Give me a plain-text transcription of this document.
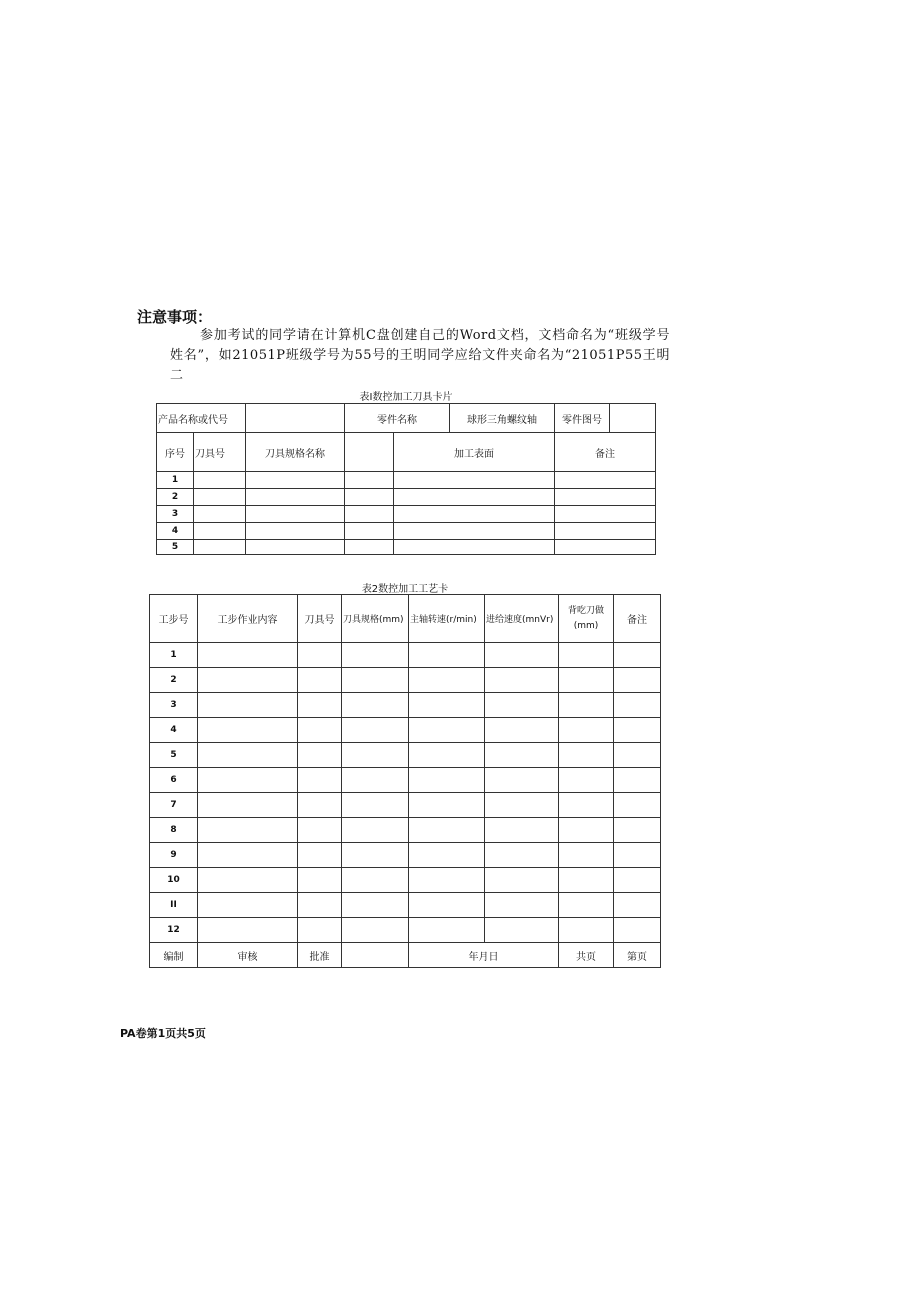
注意事项：
参加考试的同学请在计算机C盘创建自己的Word文档，文档命名为“班级学号姓名”，如21051P班级学号为55号的王明同学应给文件夹命名为“21051P55王明二
表I数控加工刀具卡片
产品名称或代号			零件名称		球形三角螺纹轴	零件图号	
序号	刀具号	刀具规格名称		加工表面		备注	
1							
2							
3							
4							
5							
表2数控加工工艺卡
工步号	工步作业内容	刀具号	刀具规格(mm)	主轴转速(r/min)	进给速度(mnVr)	背吃刀做(mm)	备注
1							
2							
3							
4							
5							
6							
7							
8							
9							
10							
II							
12							
编制	审核	批准		年月日		共页	第页
PA卷第1页共5页
